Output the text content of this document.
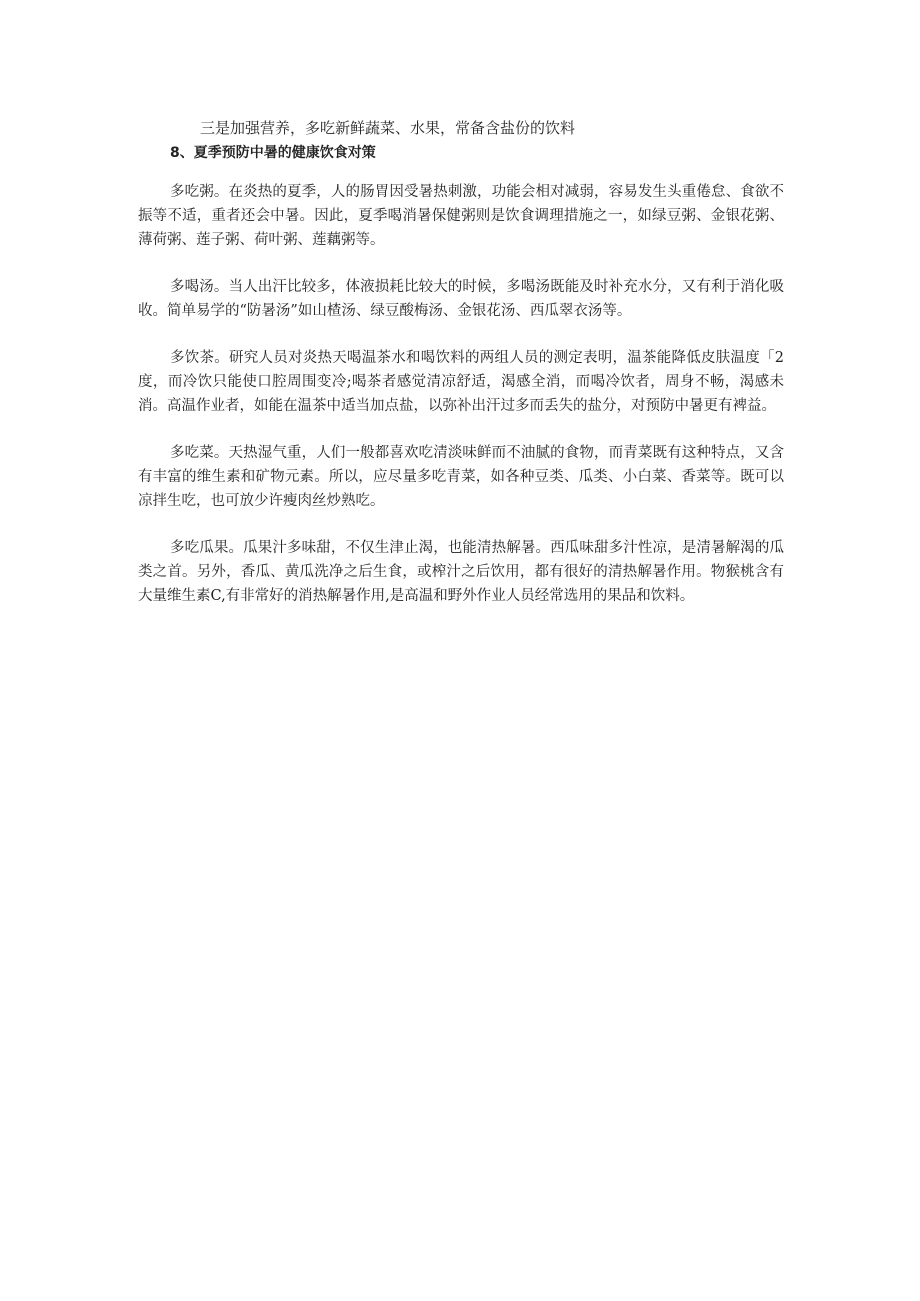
三是加强营养，多吃新鲜蔬菜、水果，常备含盐份的饮料
8、夏季预防中暑的健康饮食对策

多吃粥。在炎热的夏季，人的肠胃因受暑热刺激，功能会相对减弱，容易发生头重倦怠、食欲不振等不适，重者还会中暑。因此，夏季喝消暑保健粥则是饮食调理措施之一，如绿豆粥、金银花粥、薄荷粥、莲子粥、荷叶粥、莲藕粥等。

多喝汤。当人出汗比较多，体液损耗比较大的时候，多喝汤既能及时补充水分，又有利于消化吸收。简单易学的“防暑汤”如山楂汤、绿豆酸梅汤、金银花汤、西瓜翠衣汤等。

多饮茶。研究人员对炎热天喝温茶水和喝饮料的两组人员的测定表明，温茶能降低皮肤温度「2度，而冷饮只能使口腔周围变冷;喝茶者感觉清凉舒适，渴感全消，而喝冷饮者，周身不畅，渴感未消。高温作业者，如能在温茶中适当加点盐，以弥补出汗过多而丢失的盐分，对预防中暑更有裨益。

多吃菜。天热湿气重，人们一般都喜欢吃清淡味鲜而不油腻的食物，而青菜既有这种特点，又含有丰富的维生素和矿物元素。所以，应尽量多吃青菜，如各种豆类、瓜类、小白菜、香菜等。既可以凉拌生吃，也可放少许瘦肉丝炒熟吃。

多吃瓜果。瓜果汁多味甜，不仅生津止渴，也能清热解暑。西瓜味甜多汁性凉，是清暑解渴的瓜类之首。另外，香瓜、黄瓜洗净之后生食，或榨汁之后饮用，都有很好的清热解暑作用。物猴桃含有大量维生素C,有非常好的消热解暑作用,是高温和野外作业人员经常选用的果品和饮料。
